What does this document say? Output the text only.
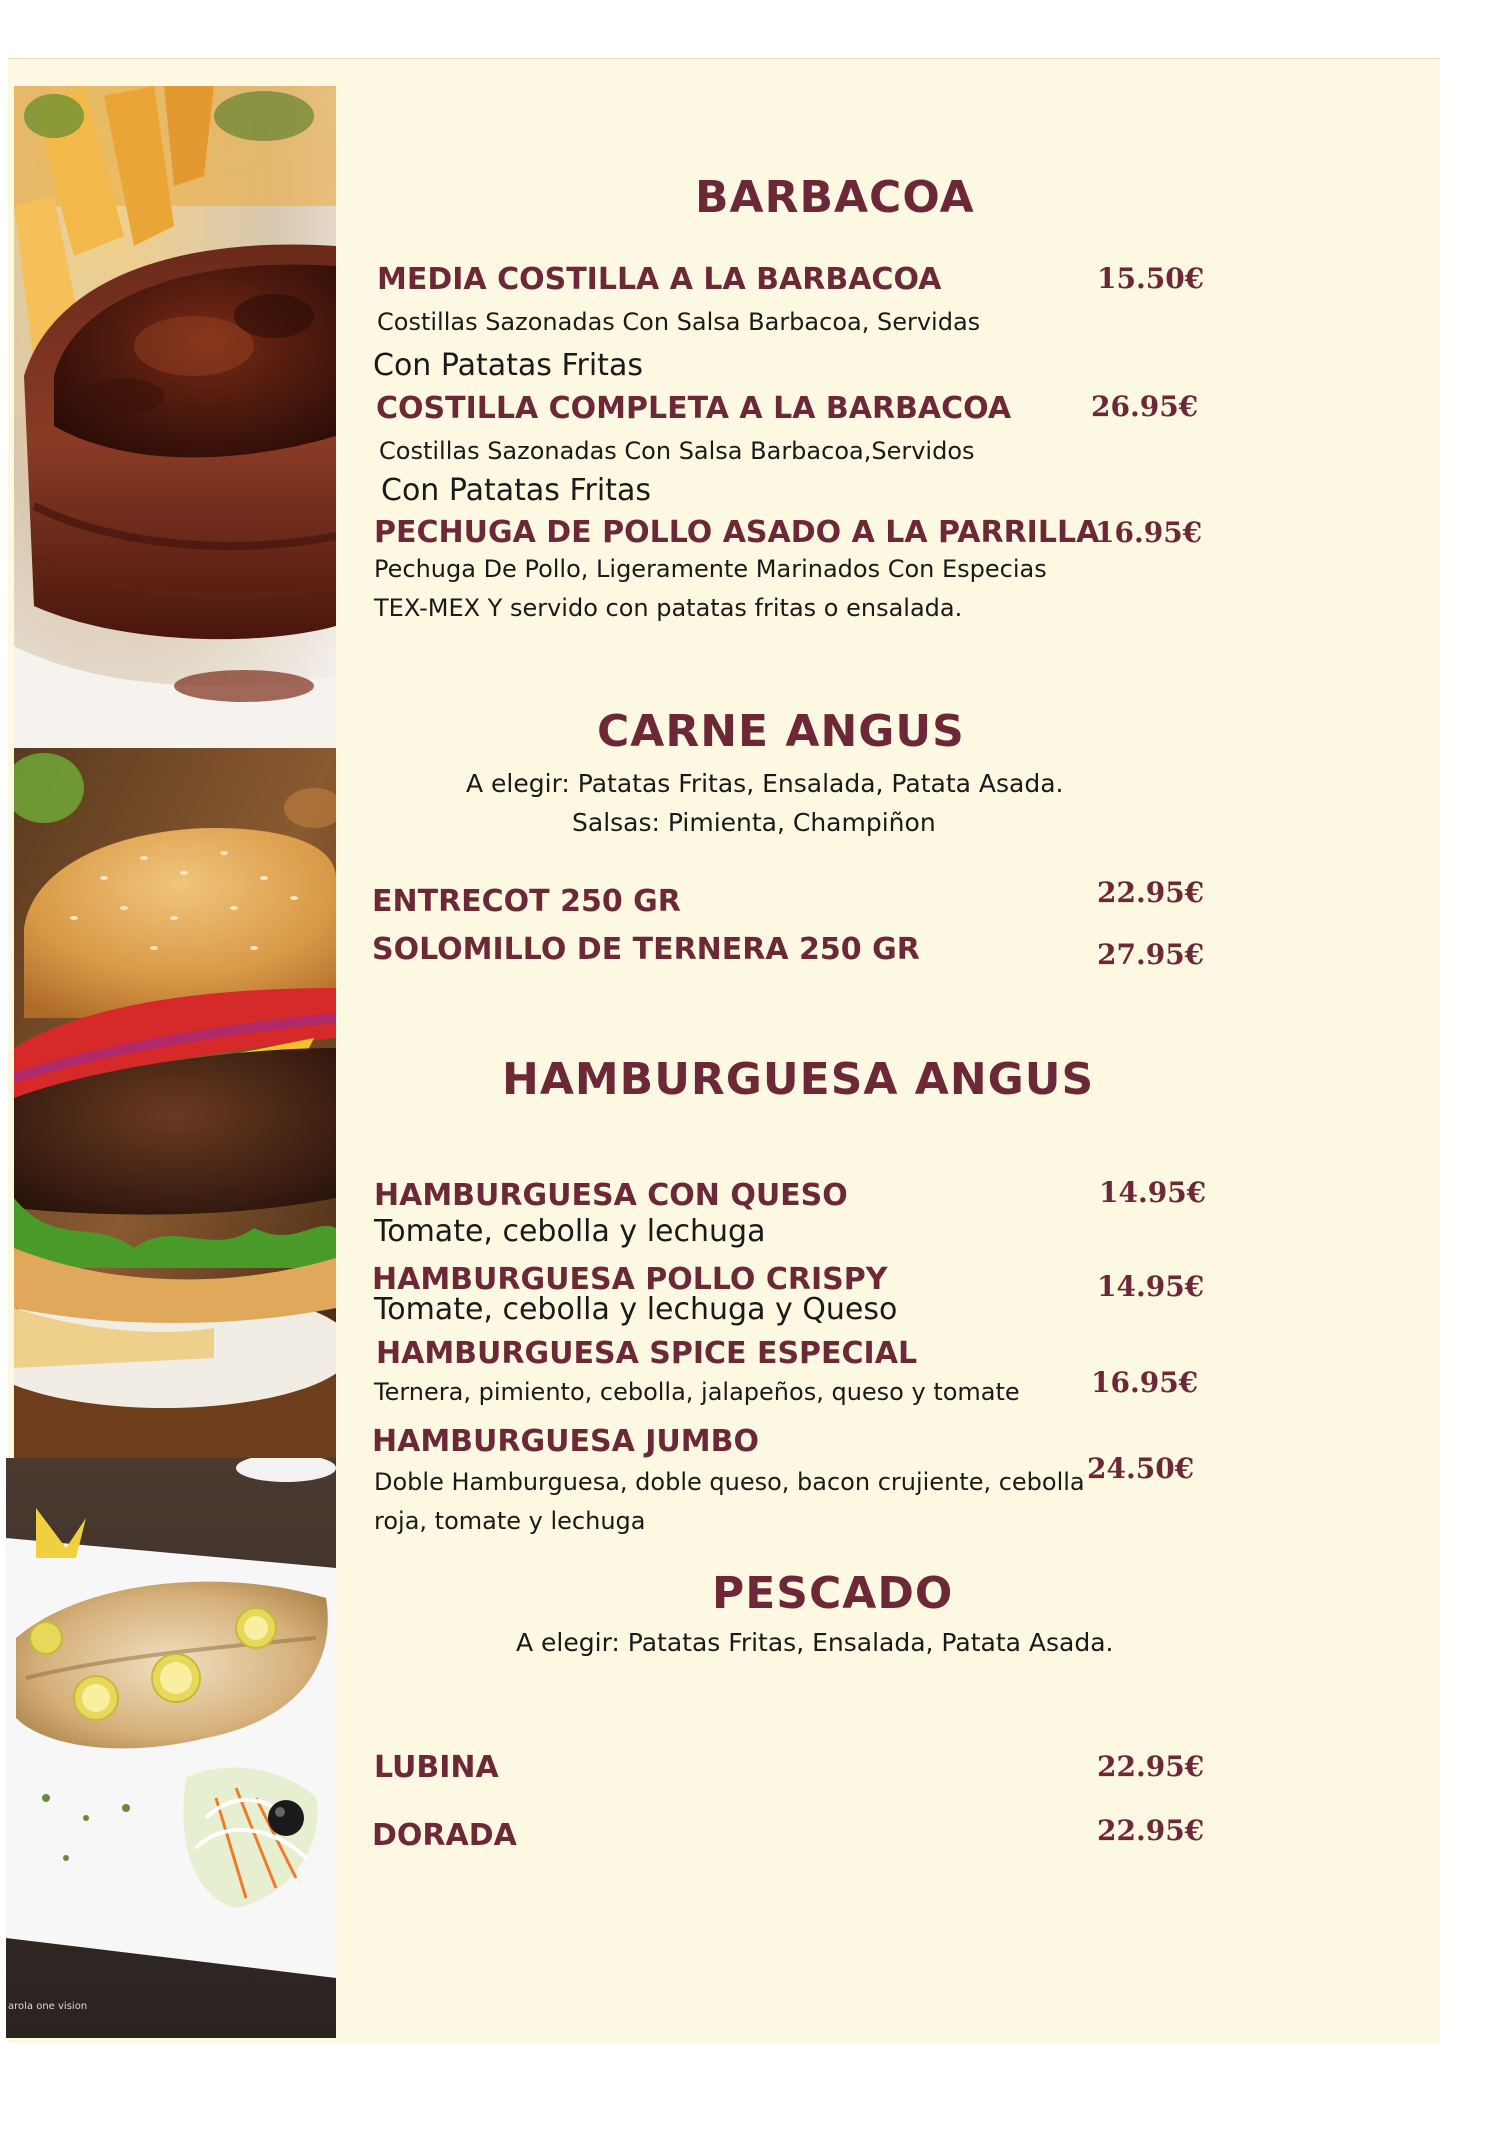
arola one vision
BARBACOA
MEDIA COSTILLA A LA BARBACOA	15.50€
Costillas Sazonadas Con Salsa Barbacoa, Servidas
Con Patatas Fritas
COSTILLA COMPLETA A LA BARBACOA	26.95€
Costillas Sazonadas Con Salsa Barbacoa,Servidos
Con Patatas Fritas
PECHUGA DE POLLO ASADO A LA PARRILLA
16.95€
Pechuga De Pollo, Ligeramente Marinados Con Especias
TEX-MEX Y servido con patatas fritas o ensalada.
CARNE ANGUS
A elegir: Patatas Fritas, Ensalada, Patata Asada.
Salsas: Pimienta, Champiñon
ENTRECOT 250 GR	22.95€
SOLOMILLO DE TERNERA 250 GR	27.95€
HAMBURGUESA ANGUS
HAMBURGUESA CON QUESO	14.95€
Tomate, cebolla y lechuga
HAMBURGUESA POLLO CRISPY	14.95€
Tomate, cebolla y lechuga y Queso
HAMBURGUESA SPICE ESPECIAL
16.95€
Ternera, pimiento, cebolla, jalapeños, queso y tomate
HAMBURGUESA JUMBO
24.50€
Doble Hamburguesa, doble queso, bacon crujiente, cebolla
roja, tomate y lechuga
PESCADO
A elegir: Patatas Fritas, Ensalada, Patata Asada.
LUBINA	22.95€
DORADA	22.95€
